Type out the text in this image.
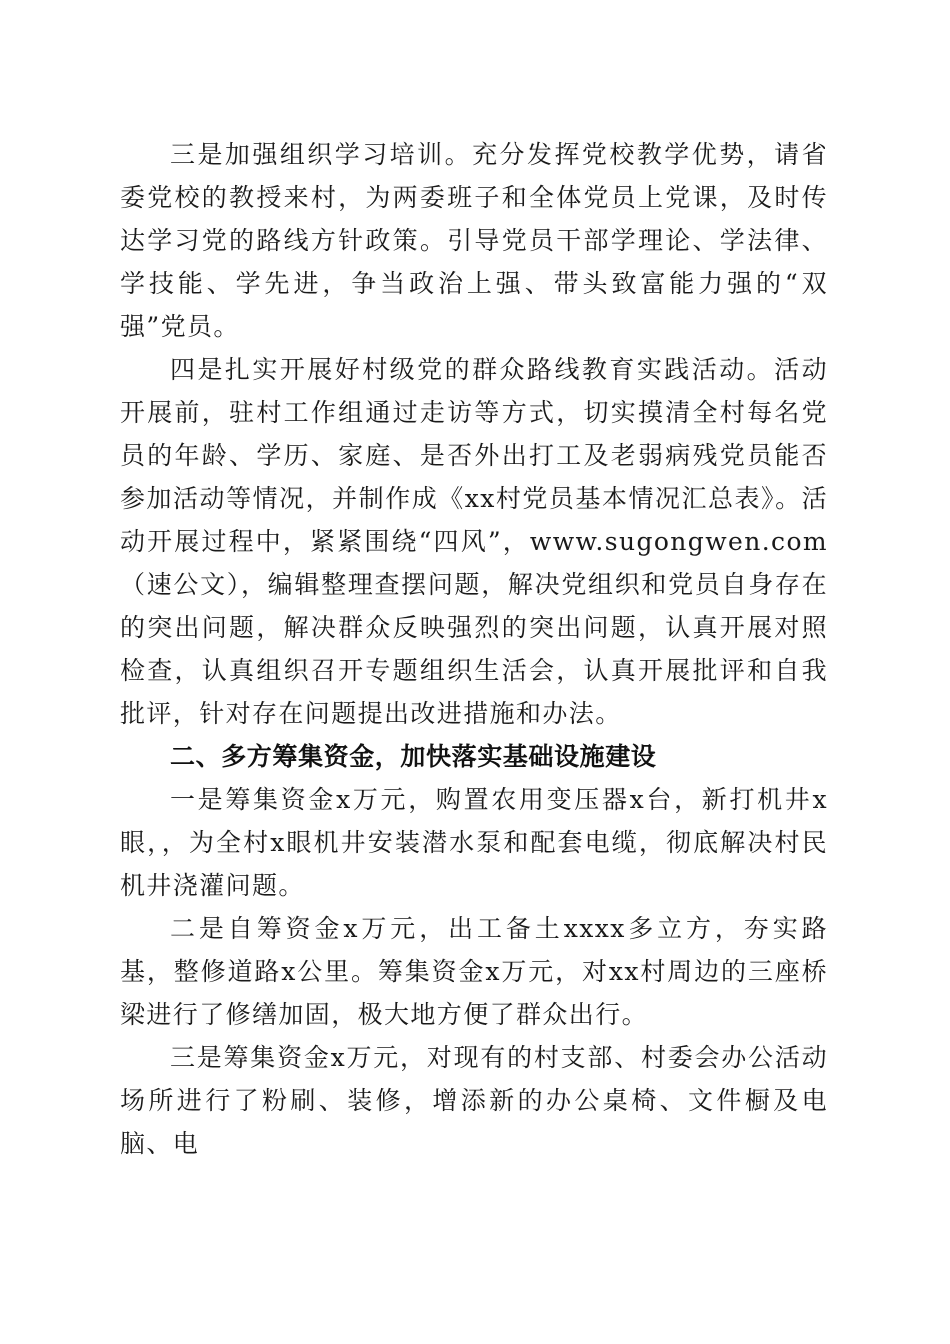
三是加强组织学习培训。充分发挥党校教学优势，请省委党校的教授来村，为两委班子和全体党员上党课，及时传达学习党的路线方针政策。引导党员干部学理论、学法律、学技能、学先进，争当政治上强、带头致富能力强的“双强”党员。

四是扎实开展好村级党的群众路线教育实践活动。活动开展前，驻村工作组通过走访等方式，切实摸清全村每名党员的年龄、学历、家庭、是否外出打工及老弱病残党员能否参加活动等情况，并制作成《xx村党员基本情况汇总表》。活动开展过程中，紧紧围绕“四风”，www.sugongwen.com（速公文），编辑整理查摆问题，解决党组织和党员自身存在的突出问题，解决群众反映强烈的突出问题，认真开展对照检查，认真组织召开专题组织生活会，认真开展批评和自我批评，针对存在问题提出改进措施和办法。

二、多方筹集资金，加快落实基础设施建设

一是筹集资金x万元，购置农用变压器x台，新打机井x眼，，为全村x眼机井安装潜水泵和配套电缆，彻底解决村民机井浇灌问题。

二是自筹资金x万元，出工备土xxxx多立方，夯实路基，整修道路x公里。筹集资金x万元，对xx村周边的三座桥梁进行了修缮加固，极大地方便了群众出行。

三是筹集资金x万元，对现有的村支部、村委会办公活动场所进行了粉刷、装修，增添新的办公桌椅、文件橱及电脑、电
